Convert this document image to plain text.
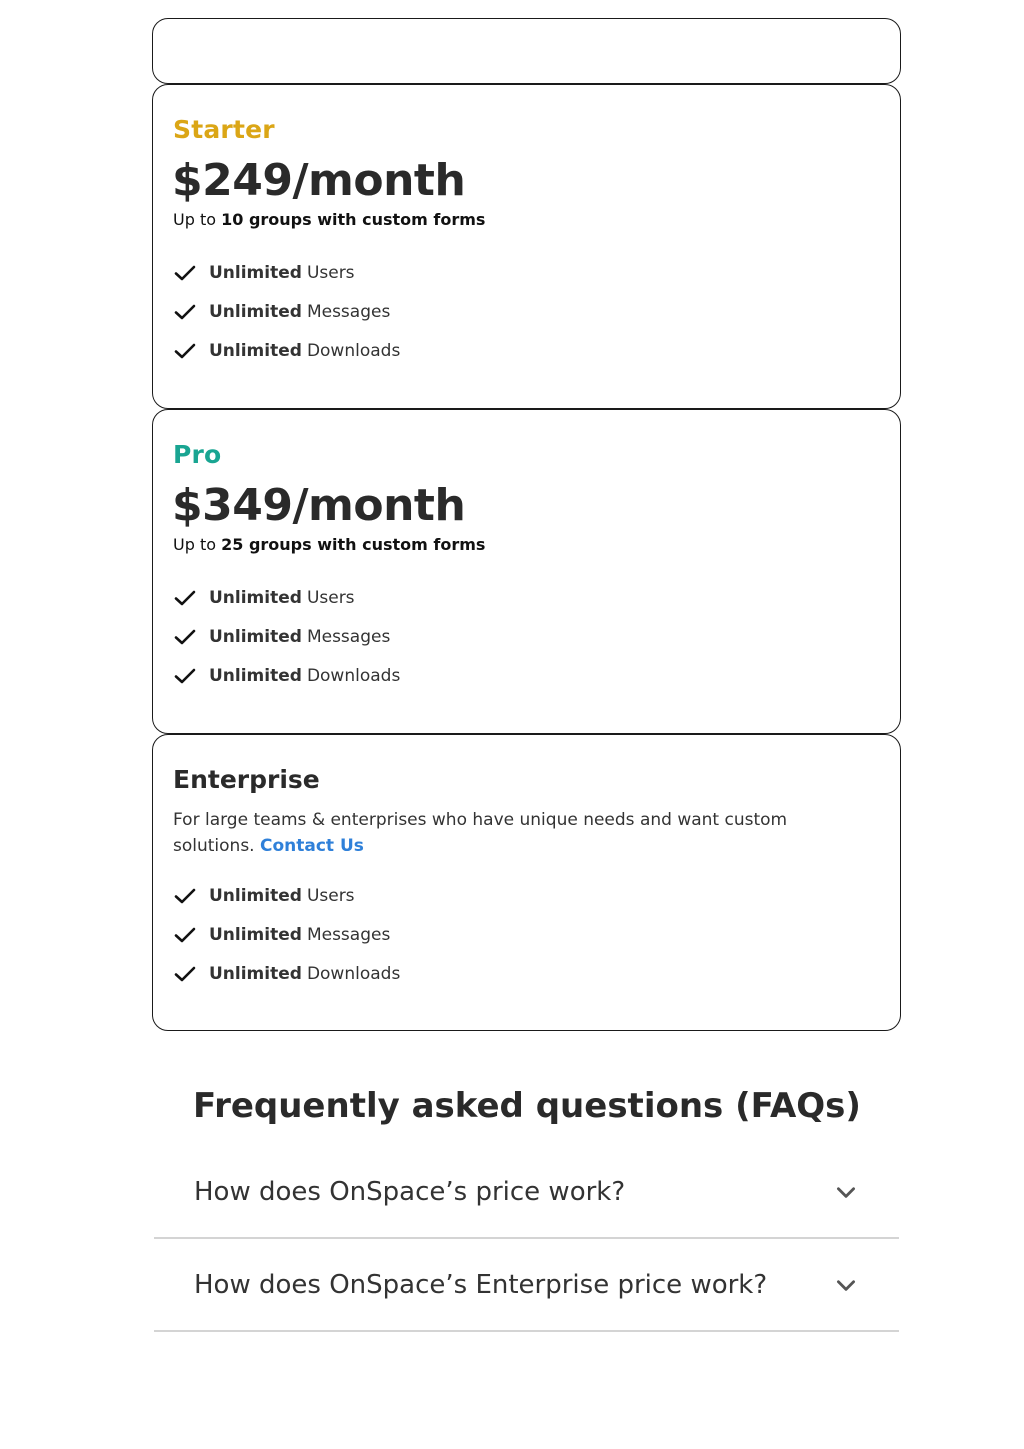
Starter
$249/month
Up to 10 groups with custom forms
Unlimited Users
Unlimited Messages
Unlimited Downloads
Pro
$349/month
Up to 25 groups with custom forms
Unlimited Users
Unlimited Messages
Unlimited Downloads
Enterprise
For large teams & enterprises who have unique needs and want custom solutions. Contact Us
Unlimited Users
Unlimited Messages
Unlimited Downloads
Frequently asked questions (FAQs)
How does OnSpace’s price work?
How does OnSpace’s Enterprise price work?
